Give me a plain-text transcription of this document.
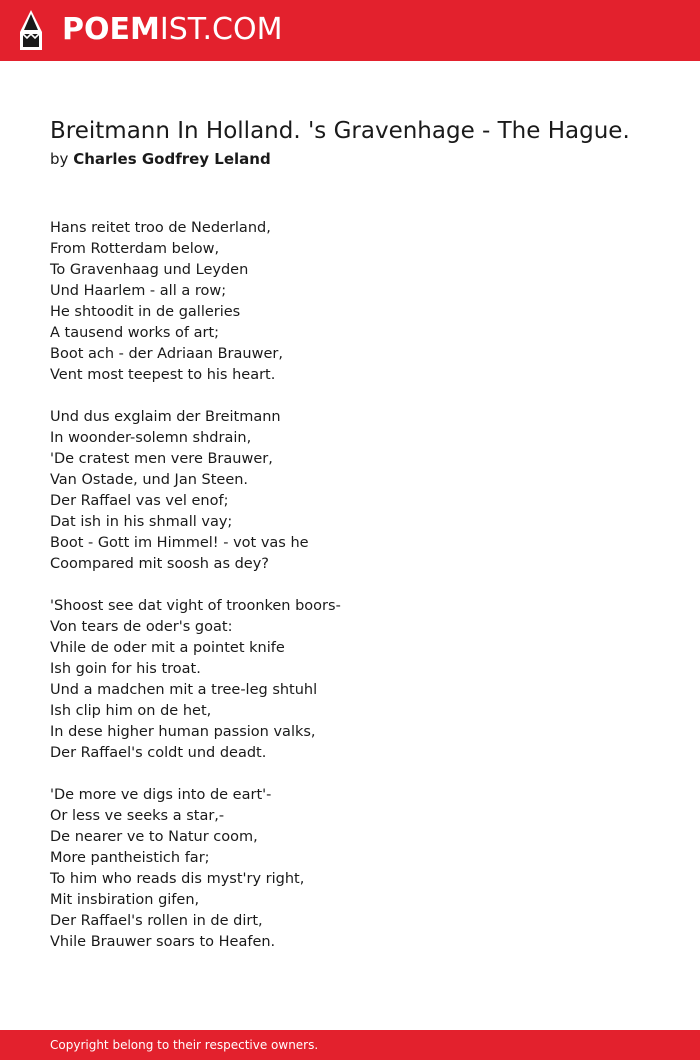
POEMIST.COM
Breitmann In Holland. 's Gravenhage - The Hague.
by Charles Godfrey Leland
Hans reitet troo de Nederland,
From Rotterdam below,
To Gravenhaag und Leyden
Und Haarlem - all a row;
He shtoodit in de galleries
A tausend works of art;
Boot ach - der Adriaan Brauwer,
Vent most teepest to his heart.
Und dus exglaim der Breitmann
In woonder-solemn shdrain,
'De cratest men vere Brauwer,
Van Ostade, und Jan Steen.
Der Raffael vas vel enof;
Dat ish in his shmall vay;
Boot - Gott im Himmel! - vot vas he
Coompared mit soosh as dey?
'Shoost see dat vight of troonken boors-
Von tears de oder's goat:
Vhile de oder mit a pointet knife
Ish goin for his troat.
Und a madchen mit a tree-leg shtuhl
Ish clip him on de het,
In dese higher human passion valks,
Der Raffael's coldt und deadt.
'De more ve digs into de eart'-
Or less ve seeks a star,-
De nearer ve to Natur coom,
More pantheistich far;
To him who reads dis myst'ry right,
Mit insbiration gifen,
Der Raffael's rollen in de dirt,
Vhile Brauwer soars to Heafen.
Copyright belong to their respective owners.
